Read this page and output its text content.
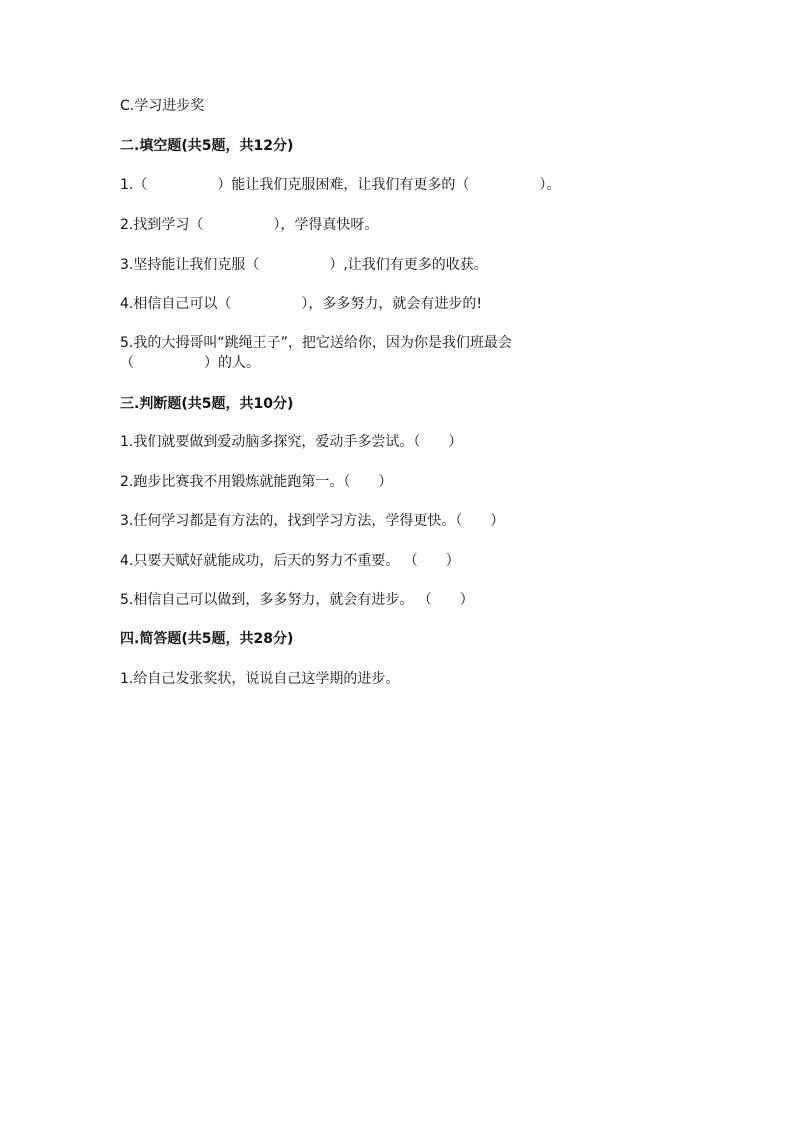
C.学习进步奖
二.填空题(共5题，共12分)
1.（　　　　　）能让我们克服困难，让我们有更多的（　　　　　）。
2.找到学习（　　　　　），学得真快呀。
3.坚持能让我们克服（　　　　　）,让我们有更多的收获。
4.相信自己可以（　　　　　），多多努力，就会有进步的!
5.我的大拇哥叫“跳绳王子”，把它送给你，因为你是我们班最会
（　　　　　）的人。
三.判断题(共5题，共10分)
1.我们就要做到爱动脑多探究，爱动手多尝试。（　　）
2.跑步比赛我不用锻炼就能跑第一。（　　）
3.任何学习都是有方法的，找到学习方法，学得更快。（　　）
4.只要天赋好就能成功，后天的努力不重要。 （　　）
5.相信自己可以做到，多多努力，就会有进步。 （　　）
四.简答题(共5题，共28分)
1.给自己发张奖状，说说自己这学期的进步。
